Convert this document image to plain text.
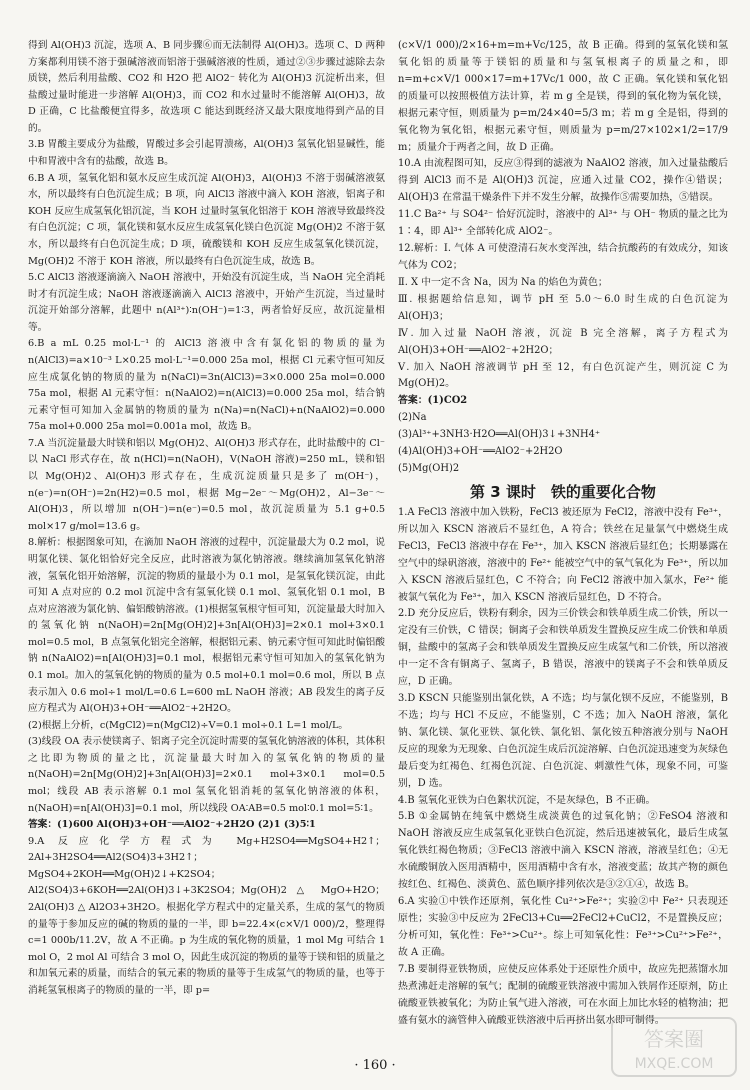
得到 Al(OH)3 沉淀，选项 A、B 同步骤⑥而无法制得 Al(OH)3。选项 C、D 两种方案都利用镁不溶于强碱溶液而铝溶于强碱溶液的性质，通过②③步骤过滤除去杂质镁，然后利用盐酸、CO2 和 H2O 把 AlO2⁻ 转化为 Al(OH)3 沉淀析出来，但盐酸过量时能进一步溶解 Al(OH)3，而 CO2 和水过量时不能溶解 Al(OH)3，故 D 正确，C 比盐酸便宜得多，故选项 C 能达到既经济又最大限度地得到产品的目的。

3.B 胃酸主要成分为盐酸，胃酸过多会引起胃溃疡，Al(OH)3 氢氧化铝显碱性，能中和胃液中含有的盐酸，故选 B。

6.B A 项，氢氧化铝和氨水反应生成沉淀 Al(OH)3，Al(OH)3 不溶于弱碱溶液氨水，所以最终有白色沉淀生成；B 项，向 AlCl3 溶液中滴入 KOH 溶液，铝离子和 KOH 反应生成氢氧化铝沉淀，当 KOH 过量时氢氧化铝溶于 KOH 溶液导致最终没有白色沉淀；C 项，氯化镁和氨水反应生成氢氧化镁白色沉淀 Mg(OH)2 不溶于氨水，所以最终有白色沉淀生成；D 项，硫酸镁和 KOH 反应生成氢氧化镁沉淀，Mg(OH)2 不溶于 KOH 溶液，所以最终有白色沉淀生成，故选 B。

5.C AlCl3 溶液逐滴滴入 NaOH 溶液中，开始没有沉淀生成，当 NaOH 完全消耗时才有沉淀生成；NaOH 溶液逐滴滴入 AlCl3 溶液中，开始产生沉淀，当过量时沉淀开始部分溶解，此题中 n(Al³⁺)∶n(OH⁻)=1∶3，两者恰好反应，故沉淀量相等。

6.B a mL 0.25 mol·L⁻¹ 的 AlCl3 溶液中含有氯化铝的物质的量为 n(AlCl3)=a×10⁻³ L×0.25 mol·L⁻¹=0.000 25a mol，根据 Cl 元素守恒可知反应生成氯化钠的物质的量为 n(NaCl)=3n(AlCl3)=3×0.000 25a mol=0.000 75a mol，根据 Al 元素守恒：n(NaAlO2)=n(AlCl3)=0.000 25a mol，结合钠元素守恒可知加入金属钠的物质的量为 n(Na)=n(NaCl)+n(NaAlO2)=0.000 75a mol+0.000 25a mol=0.001a mol，故选 B。

7.A 当沉淀量最大时镁和铝以 Mg(OH)2、Al(OH)3 形式存在，此时盐酸中的 Cl⁻ 以 NaCl 形式存在，故 n(HCl)=n(NaOH)，V(NaOH 溶液)=250 mL，镁和铝以 Mg(OH)2、Al(OH)3 形式存在，生成沉淀质量只是多了 m(OH⁻)，n(e⁻)=n(OH⁻)=2n(H2)=0.5 mol，根据 Mg−2e⁻～Mg(OH)2，Al−3e⁻～Al(OH)3，所以增加 n(OH⁻)=n(e⁻)=0.5 mol，故沉淀质量为 5.1 g+0.5 mol×17 g/mol=13.6 g。

8.解析：根据图象可知，在滴加 NaOH 溶液的过程中，沉淀量最大为 0.2 mol，说明氯化镁、氯化铝恰好完全反应，此时溶液为氯化钠溶液。继续滴加氢氧化钠溶液，氢氧化铝开始溶解，沉淀的物质的量最小为 0.1 mol，是氢氧化镁沉淀，由此可知 A 点对应的 0.2 mol 沉淀中含有氢氧化镁 0.1 mol、氢氧化铝 0.1 mol，B 点对应溶液为氯化钠、偏铝酸钠溶液。(1)根据氢氧根守恒可知，沉淀量最大时加入的氢氧化钠 n(NaOH)=2n[Mg(OH)2]+3n[Al(OH)3]=2×0.1 mol+3×0.1 mol=0.5 mol，B 点氢氧化铝完全溶解，根据铝元素、钠元素守恒可知此时偏铝酸钠 n(NaAlO2)=n[Al(OH)3]=0.1 mol，根据铝元素守恒可知加入的氢氧化钠为 0.1 mol。加入的氢氧化钠的物质的量为 0.5 mol+0.1 mol=0.6 mol，所以 B 点表示加入 0.6 mol÷1 mol/L=0.6 L=600 mL NaOH 溶液；AB 段发生的离子反应方程式为 Al(OH)3+OH⁻══AlO2⁻+2H2O。

(2)根据上分析，c(MgCl2)=n(MgCl2)÷V=0.1 mol÷0.1 L=1 mol/L。

(3)线段 OA 表示使镁离子、铝离子完全沉淀时需要的氢氧化钠溶液的体积，其体积之比即为物质的量之比，沉淀量最大时加入的氢氧化钠的物质的量 n(NaOH)=2n[Mg(OH)2]+3n[Al(OH)3]=2×0.1 mol+3×0.1 mol=0.5 mol；线段 AB 表示溶解 0.1 mol 氢氧化铝消耗的氢氧化钠溶液的体积，n(NaOH)=n[Al(OH)3]=0.1 mol，所以线段 OA∶AB=0.5 mol∶0.1 mol=5∶1。

答案：(1)600 Al(OH)3+OH⁻══AlO2⁻+2H2O (2)1 (3)5∶1

9.A 反应化学方程式为 Mg+H2SO4══MgSO4+H2↑；2Al+3H2SO4══Al2(SO4)3+3H2↑；MgSO4+2KOH══Mg(OH)2↓+K2SO4；Al2(SO4)3+6KOH══2Al(OH)3↓+3K2SO4；Mg(OH)2 △ MgO+H2O；2Al(OH)3 △ Al2O3+3H2O。根据化学方程式中的定量关系，生成的氢气的物质的量等于参加反应的碱的物质的量的一半，即 b=22.4×(c×V/1 000)/2，整理得 c=1 000b/11.2V，故 A 不正确。p 为生成的氧化物的质量，1 mol Mg 可结合 1 mol O，2 mol Al 可结合 3 mol O，因此生成沉淀的物质的量等于镁和铝的质量之和加氧元素的质量，而结合的氧元素的物质的量等于生成氢气的物质的量，也等于消耗氢氧根离子的物质的量的一半，即 p=

(c×V/1 000)/2×16+m=m+Vc/125，故 B 正确。得到的氢氧化镁和氢氧化铝的质量等于镁铝的质量和与氢氧根离子的质量之和，即 n=m+c×V/1 000×17=m+17Vc/1 000，故 C 正确。氧化镁和氧化铝的质量可以按照极值方法计算，若 m g 全是镁，得到的氧化物为氧化镁，根据元素守恒，则质量为 p=m/24×40=5/3 m；若 m g 全是铝，得到的氧化物为氧化铝，根据元素守恒，则质量为 p=m/27×102×1/2=17/9 m；质量介于两者之间，故 D 正确。

10.A 由流程图可知，反应③得到的滤液为 NaAlO2 溶液，加入过量盐酸后得到 AlCl3 而不是 Al(OH)3 沉淀，应通入过量 CO2，操作④错误；Al(OH)3 在常温干燥条件下并不发生分解，故操作⑤需要加热，⑤错误。

11.C Ba²⁺ 与 SO4²⁻ 恰好沉淀时，溶液中的 Al³⁺ 与 OH⁻ 物质的量之比为 1∶4，即 Al³⁺ 全部转化成 AlO2⁻。

12.解析：Ⅰ. 气体 A 可使澄清石灰水变浑浊，结合抗酸药的有效成分，知该气体为 CO2；

Ⅱ. X 中一定不含 Na，因为 Na 的焰色为黄色；

Ⅲ. 根据题给信息知，调节 pH 至 5.0～6.0 时生成的白色沉淀为 Al(OH)3；

Ⅳ. 加入过量 NaOH 溶液，沉淀 B 完全溶解，离子方程式为 Al(OH)3+OH⁻══AlO2⁻+2H2O；

Ⅴ. 加入 NaOH 溶液调节 pH 至 12，有白色沉淀产生，则沉淀 C 为 Mg(OH)2。

答案：(1)CO2

(2)Na

(3)Al³⁺+3NH3·H2O══Al(OH)3↓+3NH4⁺

(4)Al(OH)3+OH⁻══AlO2⁻+2H2O

(5)Mg(OH)2

第 3 课时　铁的重要化合物

1.A FeCl3 溶液中加入铁粉，FeCl3 被还原为 FeCl2，溶液中没有 Fe³⁺，所以加入 KSCN 溶液后不显红色，A 符合；铁丝在足量氯气中燃烧生成 FeCl3，FeCl3 溶液中存在 Fe³⁺，加入 KSCN 溶液后显红色；长期暴露在空气中的绿矾溶液，溶液中的 Fe²⁺ 能被空气中的氧气氧化为 Fe³⁺，所以加入 KSCN 溶液后显红色，C 不符合；向 FeCl2 溶液中加入氯水，Fe²⁺ 能被氯气氧化为 Fe³⁺，加入 KSCN 溶液后显红色，D 不符合。

2.D 充分反应后，铁粉有剩余，因为三价铁会和铁单质生成二价铁，所以一定没有三价铁，C 错误；铜离子会和铁单质发生置换反应生成二价铁和单质铜，盐酸中的氢离子会和铁单质发生置换反应生成氢气和二价铁，所以溶液中一定不含有铜离子、氢离子，B 错误，溶液中的镁离子不会和铁单质反应，D 正确。

3.D KSCN 只能鉴别出氯化铁，A 不选；均与氯化钡不反应，不能鉴别，B 不选；均与 HCl 不反应，不能鉴别，C 不选；加入 NaOH 溶液，氯化钠、氯化镁、氯化亚铁、氯化铁、氯化铝、氯化铵五种溶液分别与 NaOH 反应的现象为无现象、白色沉淀生成后沉淀溶解、白色沉淀迅速变为灰绿色最后变为红褐色、红褐色沉淀、白色沉淀、刺激性气体，现象不同，可鉴别，D 选。

4.B 氢氧化亚铁为白色絮状沉淀，不是灰绿色，B 不正确。

5.B ①金属钠在纯氧中燃烧生成淡黄色的过氧化钠；②FeSO4 溶液和 NaOH 溶液反应生成氢氧化亚铁白色沉淀，然后迅速被氧化，最后生成氢氧化铁红褐色物质；③FeCl3 溶液中滴入 KSCN 溶液，溶液呈红色；④无水硫酸铜放入医用酒精中，医用酒精中含有水，溶液变蓝；故其产物的颜色按红色、红褐色、淡黄色、蓝色顺序排列依次是③②①④，故选 B。

6.A 实验①中铁作还原剂，氧化性 Cu²⁺>Fe²⁺；实验②中 Fe²⁺ 只表现还原性；实验③中反应为 2FeCl3+Cu══2FeCl2+CuCl2，不是置换反应；分析可知，氧化性：Fe³⁺>Cu²⁺。综上可知氧化性：Fe³⁺>Cu²⁺>Fe²⁺，故 A 正确。

7.B 要制得亚铁物质，应使反应体系处于还原性介质中，故应先把蒸馏水加热煮沸赶走溶解的氧气；配制的硫酸亚铁溶液中需加入铁屑作还原剂，防止硫酸亚铁被氧化；为防止氧气进入溶液，可在水面上加比水轻的植物油；把盛有氨水的滴管伸入硫酸亚铁溶液中后再挤出氨水即可制得。

· 160 ·
答案圈
MXQE.COM
